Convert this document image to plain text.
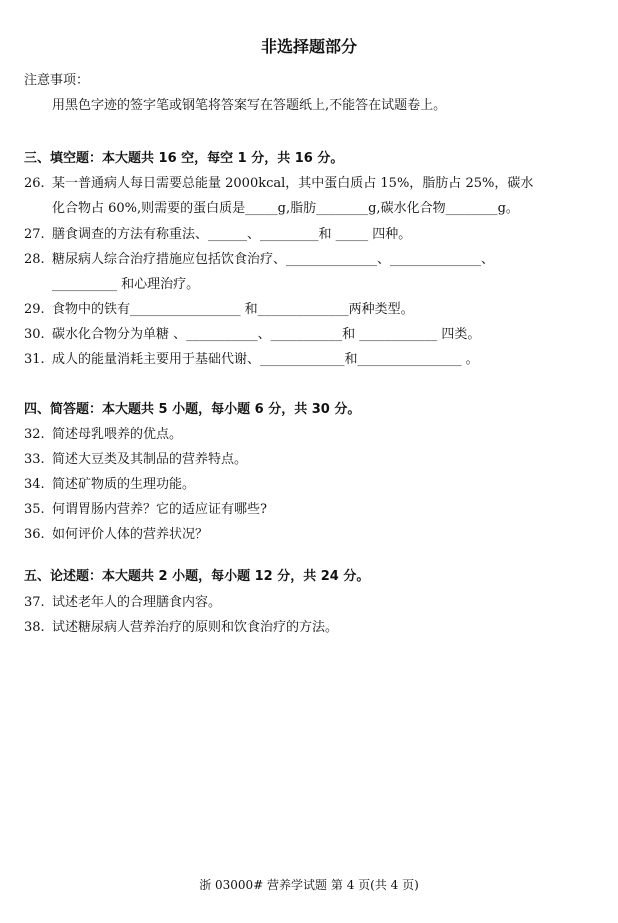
非选择题部分
注意事项：
用黑色字迹的签字笔或钢笔将答案写在答题纸上,不能答在试题卷上。
三、填空题：本大题共 16 空，每空 1 分，共 16 分。
26. 某一普通病人每日需要总能量 2000kcal，其中蛋白质占 15%，脂肪占 25%，碳水
化合物占 60%,则需要的蛋白质是_____g,脂肪________g,碳水化合物________g。
27. 膳食调查的方法有称重法、______、_________和 _____ 四种。
28. 糖尿病人综合治疗措施应包括饮食治疗、______________、______________、
__________ 和心理治疗。
29. 食物中的铁有_________________ 和______________两种类型。
30. 碳水化合物分为单糖 、___________、___________和 ____________ 四类。
31. 成人的能量消耗主要用于基础代谢、_____________和________________ 。
四、简答题：本大题共 5 小题，每小题 6 分，共 30 分。
32. 简述母乳喂养的优点。
33. 简述大豆类及其制品的营养特点。
34. 简述矿物质的生理功能。
35. 何谓胃肠内营养？它的适应证有哪些?
36. 如何评价人体的营养状况？
五、论述题：本大题共 2 小题，每小题 12 分，共 24 分。
37. 试述老年人的合理膳食内容。
38. 试述糖尿病人营养治疗的原则和饮食治疗的方法。
浙 03000# 营养学试题 第 4 页(共 4 页)
